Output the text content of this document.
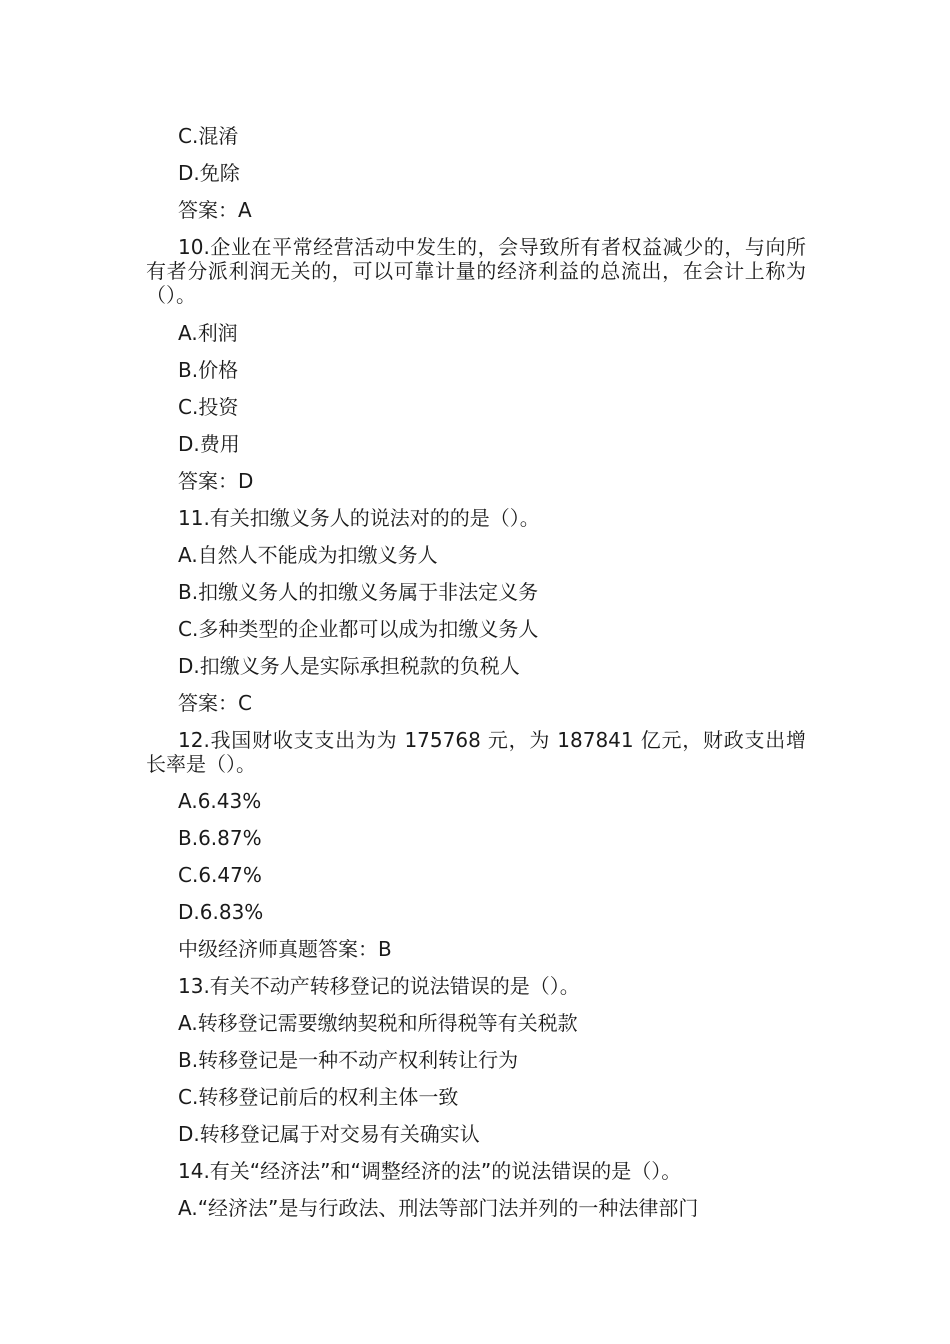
C.混淆
D.免除
答案：A
10.企业在平常经营活动中发生的，会导致所有者权益减少的，与向所有者分派利润无关的，可以可靠计量的经济利益的总流出，在会计上称为（）。
A.利润
B.价格
C.投资
D.费用
答案：D
11.有关扣缴义务人的说法对的的是（）。
A.自然人不能成为扣缴义务人
B.扣缴义务人的扣缴义务属于非法定义务
C.多种类型的企业都可以成为扣缴义务人
D.扣缴义务人是实际承担税款的负税人
答案：C
12.我国财收支支出为为 175768 元，为 187841 亿元，财政支出增长率是（）。
A.6.43%
B.6.87%
C.6.47%
D.6.83%
中级经济师真题答案：B
13.有关不动产转移登记的说法错误的是（）。
A.转移登记需要缴纳契税和所得税等有关税款
B.转移登记是一种不动产权利转让行为
C.转移登记前后的权利主体一致
D.转移登记属于对交易有关确实认
14.有关“经济法”和“调整经济的法”的说法错误的是（）。
A.“经济法”是与行政法、刑法等部门法并列的一种法律部门
